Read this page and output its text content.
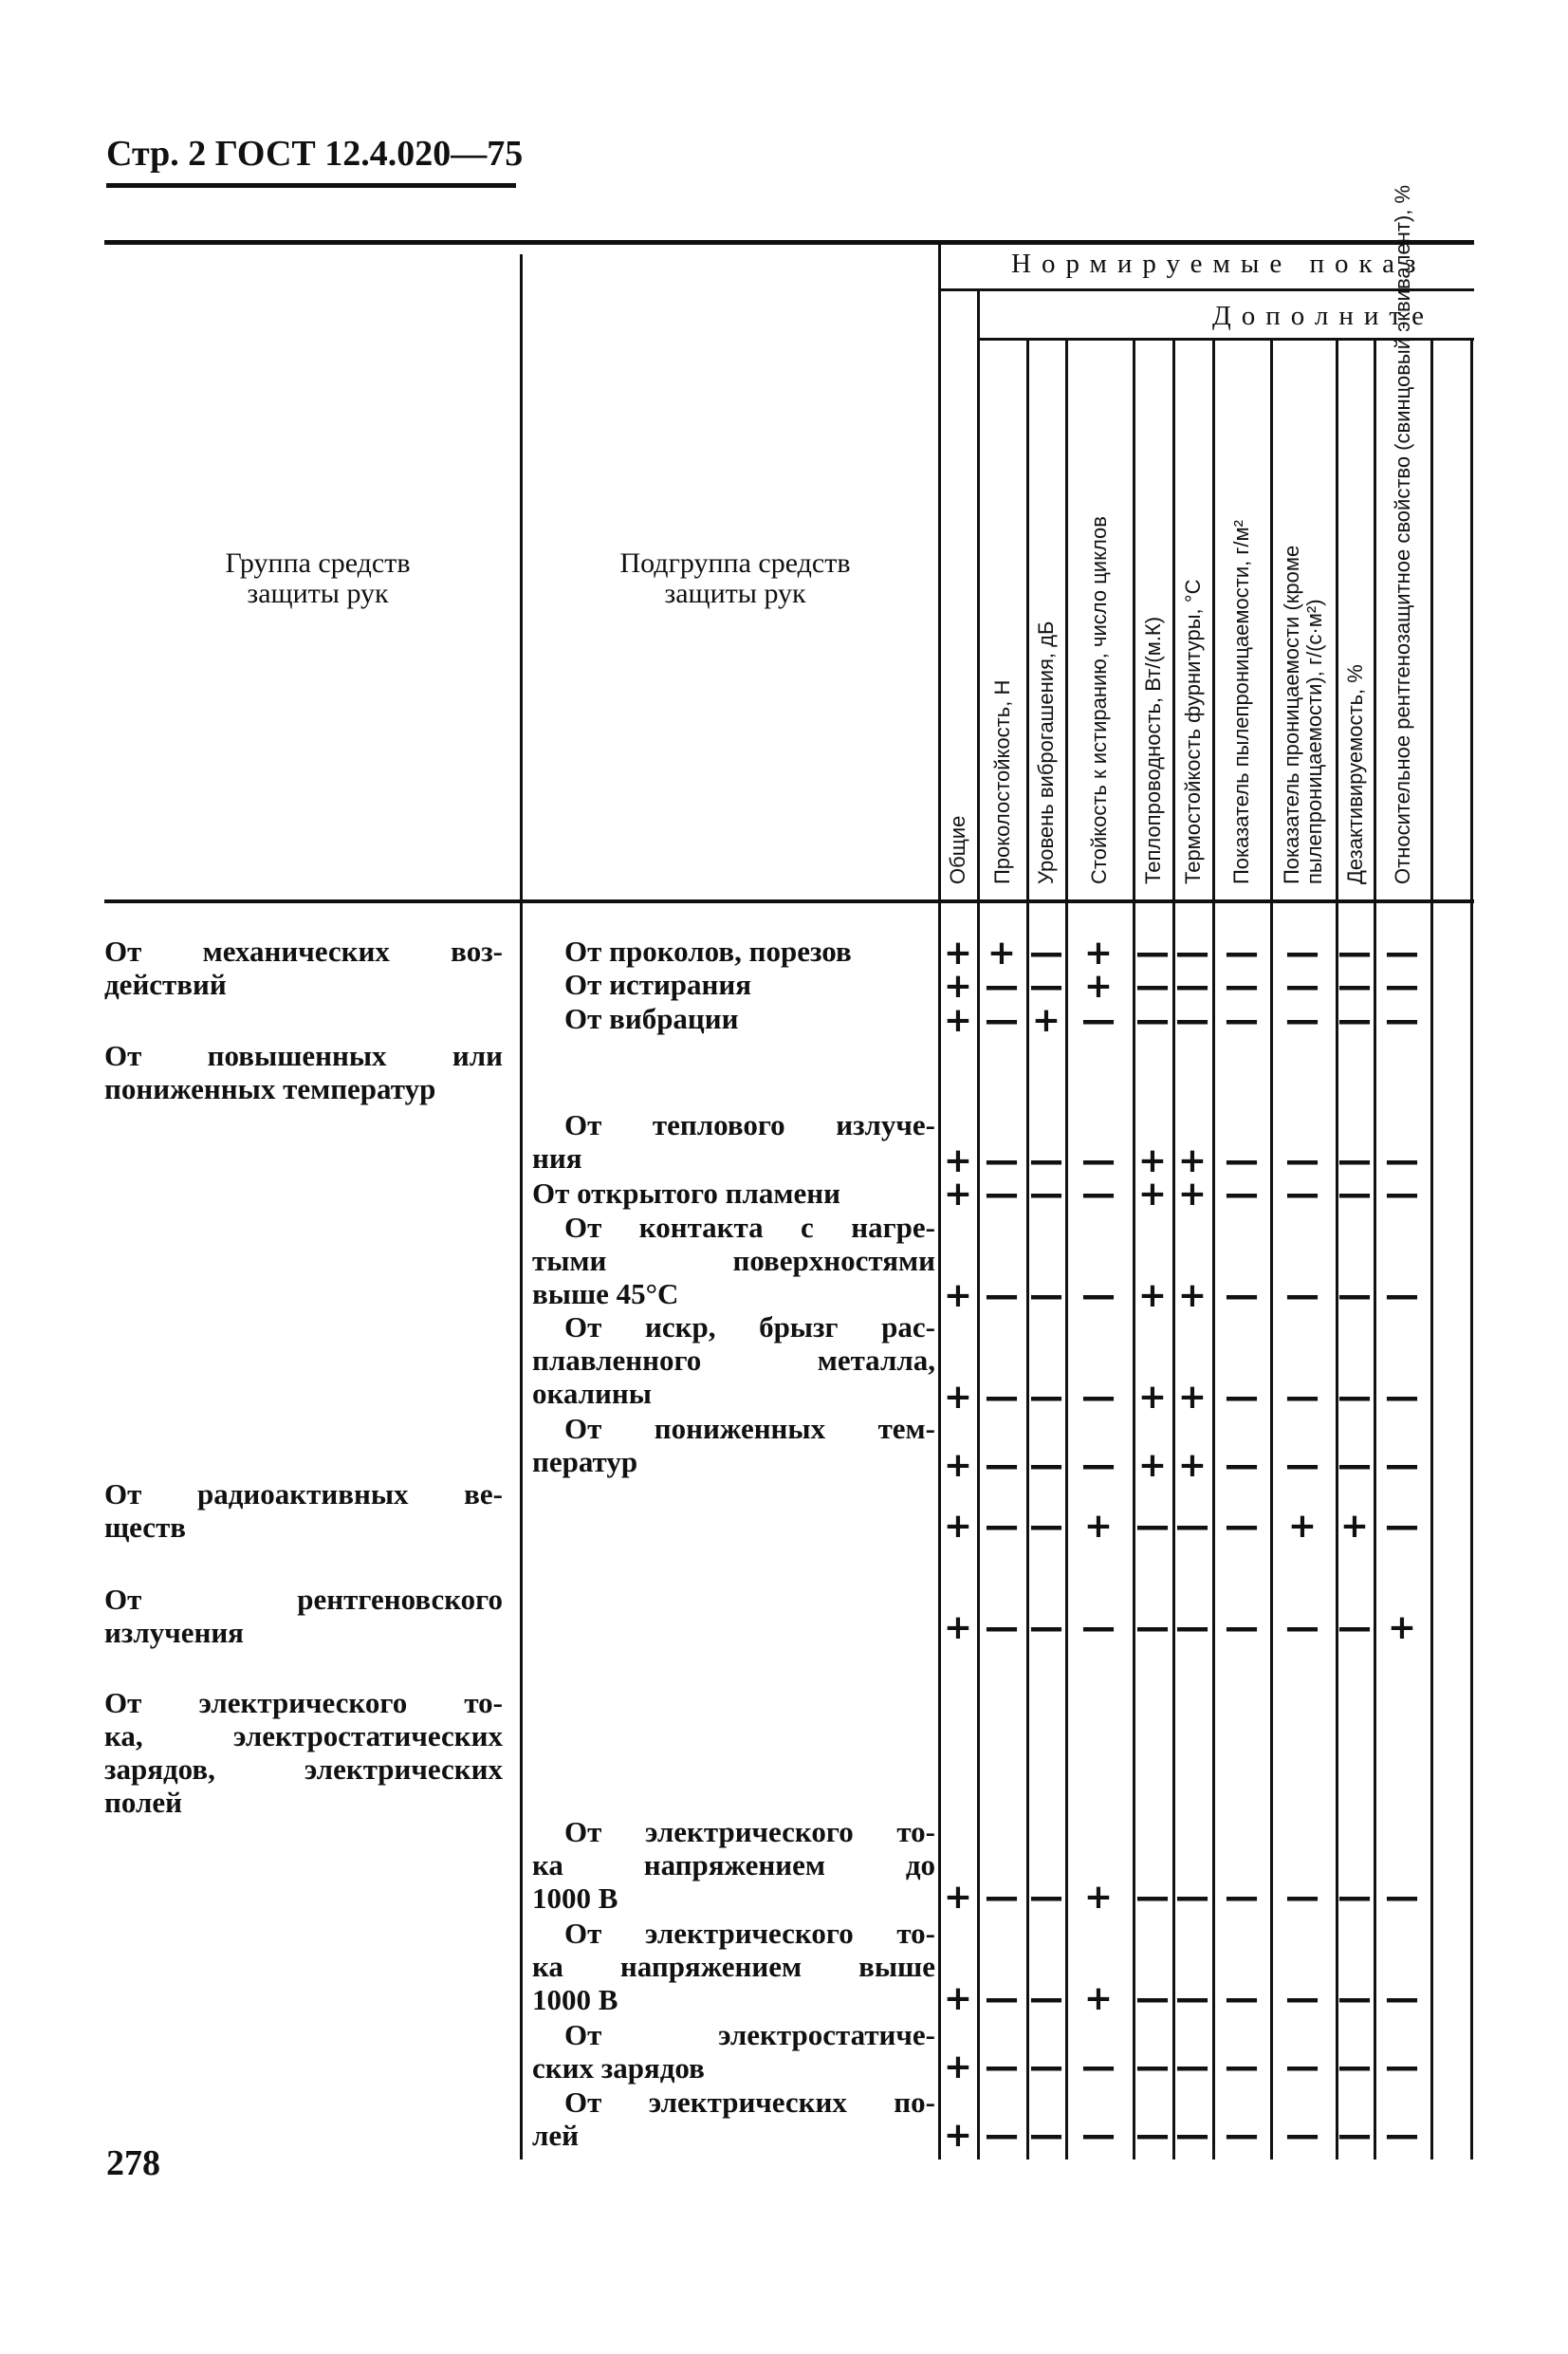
Стр. 2 ГОСТ 12.4.020—75
Группа средств защиты рук
Подгруппа средств защиты рук
Нормируемые показ
Дополните
Общие Проколостойкость, Н Уровень виброгашения, дБ Стойкость к истиранию, число циклов Теплопроводность, Вт/(м.К) Термостойкость фурнитуры, °С Показатель пылепроницаемости, г/м² Показатель проницаемости (кроме
пылепроницаемости), г/(с·м²) Дезактивируемость, % Относительное рентгенозащитное свойство (свинцовый эквивалент), %
От механических воз-
действий
От повышенных или
пониженных температур
От радиоактивных ве-
ществ
От рентгеновского
излучения
От электрического то-
ка, электростатических
зарядов, электрических
полей
От проколов, порезов
От истирания
От вибрации
От теплового излуче-
ния
От открытого пламени
От контакта с нагре-
тыми поверхностями
выше 45°С
От искр, брызг рас-
плавленного металла,
окалины
От пониженных тем-
ператур
От электрического то-
ка напряжением до
1000 В
От электрического то-
ка напряжением выше
1000 В
От электростатиче-
ских зарядов
От электрических по-
лей
+ + — + — — — — — —
+ — — + — — — — — —
+ — + — — — — — — —
+ — — — + + — — — —
+ — — — + + — — — —
+ — — — + + — — — —
+ — — — + + — — — —
+ — — — + + — — — —
+ — — + — — — + + —
+ — — — — — — — — +
+ — — + — — — — — —
+ — — + — — — — — —
+ — — — — — — — — —
+ — — — — — — — — —
278
